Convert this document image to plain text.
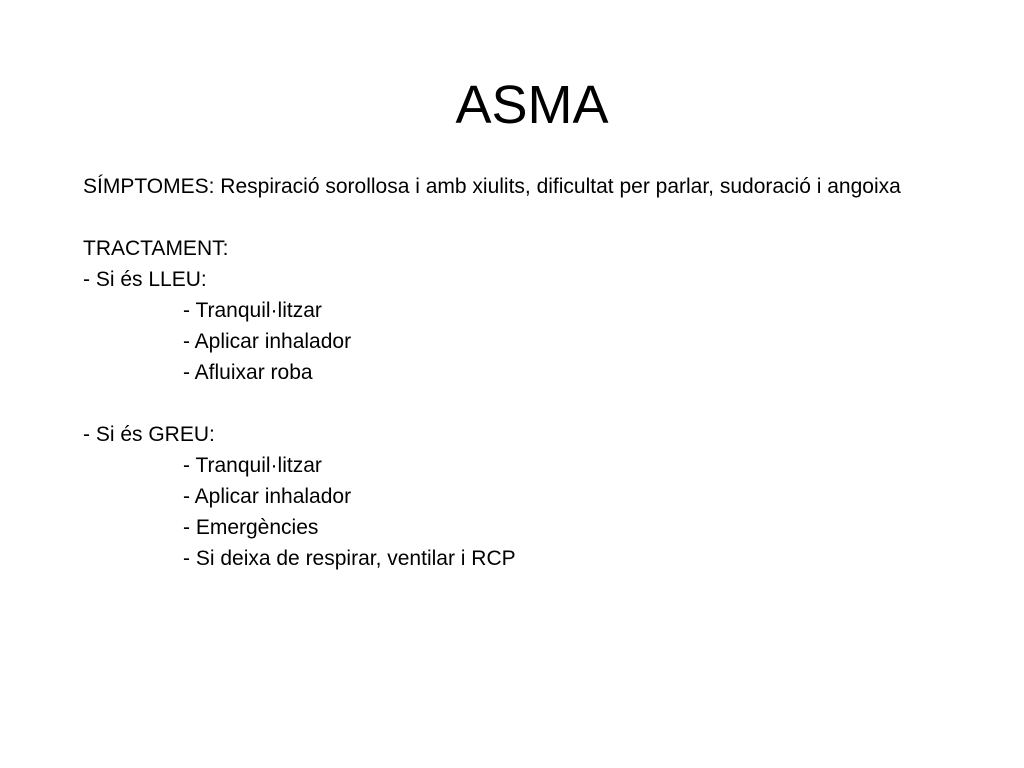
ASMA

SÍMPTOMES: Respiració sorollosa i amb xiulits, dificultat per parlar, sudoració i angoixa

TRACTAMENT:
- Si és LLEU:
- Tranquil·litzar
- Aplicar inhalador
- Afluixar roba
- Si és GREU:
- Tranquil·litzar
- Aplicar inhalador
- Emergències
- Si deixa de respirar, ventilar i RCP
